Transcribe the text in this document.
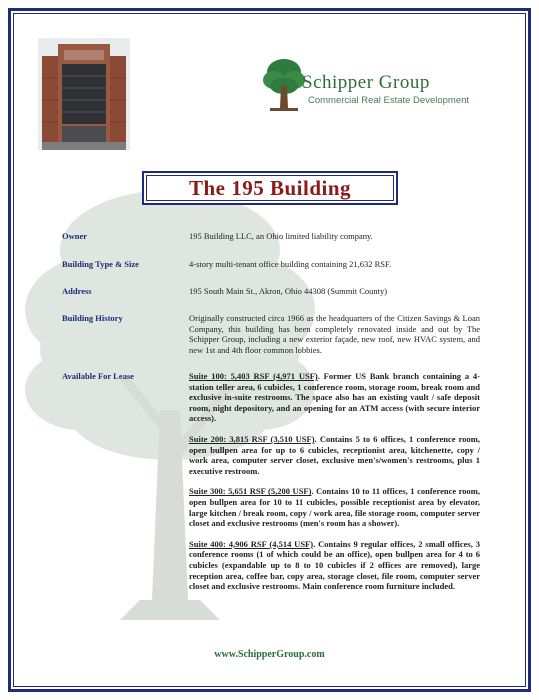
Schipper Group
Commercial Real Estate Development
The 195 Building
Owner	195 Building LLC, an Ohio limited liability company.
Building Type & Size	4-story multi-tenant office building containing 21,632 RSF.
Address	195 South Main St., Akron, Ohio 44308 (Summit County)
Building History	Originally constructed circa 1966 as the headquarters of the Citizen Savings & Loan Company, this building has been completely renovated inside and out by The Schipper Group, including a new exterior façade, new roof, new HVAC system, and new 1st and 4th floor common lobbies.
Available For Lease	Suite 100: 5,403 RSF (4,971 USF). Former US Bank branch containing a 4-station teller area, 6 cubicles, 1 conference room, storage room, break room and exclusive in-suite restrooms. The space also has an existing vault / safe deposit room, night depository, and an opening for an ATM access (with secure interior access).

Suite 200: 3,815 RSF (3,510 USF). Contains 5 to 6 offices, 1 conference room, open bullpen area for up to 6 cubicles, receptionist area, kitchenette, copy / work area, computer server closet, exclusive men's/women's restrooms, plus 1 executive restroom.

Suite 300: 5,651 RSF (5,200 USF). Contains 10 to 11 offices, 1 conference room, open bullpen area for 10 to 11 cubicles, possible receptionist area by elevator, large kitchen / break room, copy / work area, file storage room, computer server closet and exclusive restrooms (men's room has a shower).

Suite 400: 4,906 RSF (4,514 USF). Contains 9 regular offices, 2 small offices, 3 conference rooms (1 of which could be an office), open bullpen area for 4 to 6 cubicles (expandable up to 8 to 10 cubicles if 2 offices are removed), large reception area, coffee bar, copy area, storage closet, file room, computer server closet and exclusive restrooms. Main conference room furniture included.

www.SchipperGroup.com
